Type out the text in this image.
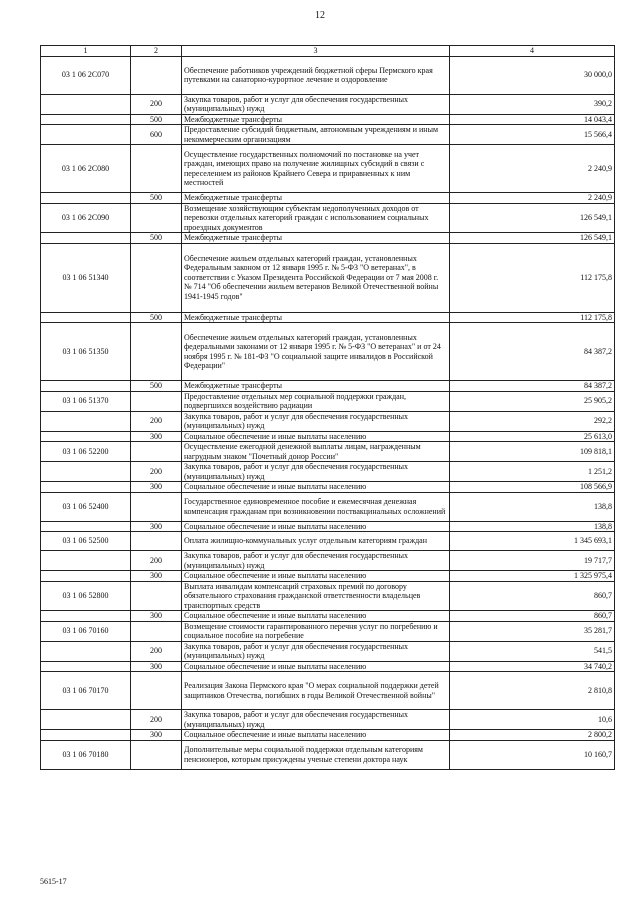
12
1	2	3	4
03 1 06 2С070		Обеспечение работников учреждений бюджетной сферы Пермского края путевками на санаторно-курортное лечение и оздоровление	30 000,0
	200	Закупка товаров, работ и услуг для обеспечения государственных (муниципальных) нужд	390,2
	500	Межбюджетные трансферты	14 043,4
	600	Предоставление субсидий бюджетным, автономным учреждениям и иным некоммерческим организациям	15 566,4
03 1 06 2С080		Осуществление государственных полномочий по постановке на учет граждан, имеющих право на получение жилищных субсидий в связи с переселением из районов Крайнего Севера и приравненных к ним местностей	2 240,9
	500	Межбюджетные трансферты	2 240,9
03 1 06 2С090		Возмещение хозяйствующим субъектам недополученных доходов от перевозки отдельных категорий граждан с использованием социальных проездных документов	126 549,1
	500	Межбюджетные трансферты	126 549,1
03 1 06 51340		Обеспечение жильем отдельных категорий граждан, установленных Федеральным законом от 12 января 1995 г. № 5-ФЗ "О ветеранах", в соответствии с Указом Президента Российской Федерации от 7 мая 2008 г. № 714 "Об обеспечении жильем ветеранов Великой Отечественной войны 1941-1945 годов"	112 175,8
	500	Межбюджетные трансферты	112 175,8
03 1 06 51350		Обеспечение жильем отдельных категорий граждан, установленных федеральными законами от 12 января 1995 г. № 5-ФЗ "О ветеранах" и от 24 ноября 1995 г. № 181-ФЗ "О социальной защите инвалидов в Российской Федерации"	84 387,2
	500	Межбюджетные трансферты	84 387,2
03 1 06 51370		Предоставление отдельных мер социальной поддержки граждан, подвергшихся воздействию радиации	25 905,2
	200	Закупка товаров, работ и услуг для обеспечения государственных (муниципальных) нужд	292,2
	300	Социальное обеспечение и иные выплаты населению	25 613,0
03 1 06 52200		Осуществление ежегодной денежной выплаты лицам, награжденным нагрудным знаком "Почетный донор России"	109 818,1
	200	Закупка товаров, работ и услуг для обеспечения государственных (муниципальных) нужд	1 251,2
	300	Социальное обеспечение и иные выплаты населению	108 566,9
03 1 06 52400		Государственное единовременное пособие и ежемесячная денежная компенсация гражданам при возникновении поствакцинальных осложнений	138,8
	300	Социальное обеспечение и иные выплаты населению	138,8
03 1 06 52500		Оплата жилищно-коммунальных услуг отдельным категориям граждан	1 345 693,1
	200	Закупка товаров, работ и услуг для обеспечения государственных (муниципальных) нужд	19 717,7
	300	Социальное обеспечение и иные выплаты населению	1 325 975,4
03 1 06 52800		Выплата инвалидам компенсаций страховых премий по договору обязательного страхования гражданской ответственности владельцев транспортных средств	860,7
	300	Социальное обеспечение и иные выплаты населению	860,7
03 1 06 70160		Возмещение стоимости гарантированного перечня услуг по погребению и социальное пособие на погребение	35 281,7
	200	Закупка товаров, работ и услуг для обеспечения государственных (муниципальных) нужд	541,5
	300	Социальное обеспечение и иные выплаты населению	34 740,2
03 1 06 70170		Реализация Закона Пермского края "О мерах социальной поддержки детей защитников Отечества, погибших в годы Великой Отечественной войны"	2 810,8
	200	Закупка товаров, работ и услуг для обеспечения государственных (муниципальных) нужд	10,6
	300	Социальное обеспечение и иные выплаты населению	2 800,2
03 1 06 70180		Дополнительные меры социальной поддержки отдельным категориям пенсионеров, которым присуждены ученые степени доктора наук	10 160,7
5615-17
